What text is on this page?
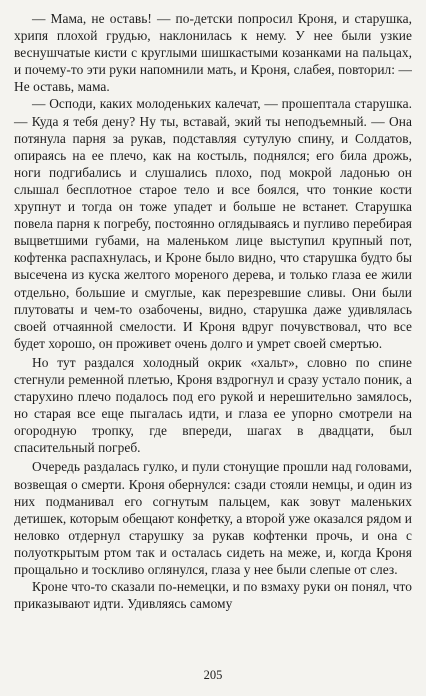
— Мама, не оставь! — по-детски попросил Кроня, и старушка, хрипя плохой грудью, наклонилась к нему. У нее были узкие веснушчатые кисти с круглыми шишкастыми козанками на пальцах, и почему-то эти руки напомнили мать, и Кроня, слабея, повторил: — Не оставь, мама.

— Осподи, каких молоденьких калечат, — прошептала старушка. — Куда я тебя дену? Ну ты, вставай, экий ты неподъемный. — Она потянула парня за рукав, подставляя сутулую спину, и Солдатов, опираясь на ее плечо, как на костыль, поднялся; его била дрожь, ноги подгибались и слушались плохо, под мокрой ладонью он слышал бесплотное старое тело и все боялся, что тонкие кости хрупнут и тогда он тоже упадет и больше не встанет. Старушка повела парня к погребу, постоянно оглядываясь и пугливо перебирая выцветшими губами, на маленьком лице выступил крупный пот, кофтенка распахнулась, и Кроне было видно, что старушка будто бы высечена из куска желтого мореного дерева, и только глаза ее жили отдельно, большие и смуглые, как перезревшие сливы. Они были плутоваты и чем-то озабочены, видно, старушка даже удивлялась своей отчаянной смелости. И Кроня вдруг почувствовал, что все будет хорошо, он проживет очень долго и умрет своей смертью.

Но тут раздался холодный окрик «хальт», словно по спине стегнули ременной плетью, Кроня вздрогнул и сразу устало поник, а старухино плечо подалось под его рукой и нерешительно замялось, но старая все еще пыгалась идти, и глаза ее упорно смотрели на огородную тропку, где впереди, шагах в двадцати, был спасительный погреб.

Очередь раздалась гулко, и пули стонущие прошли над головами, возвещая о смерти. Кроня обернулся: сзади стояли немцы, и один из них подманивал его согнутым пальцем, как зовут маленьких детишек, которым обещают конфетку, а второй уже оказался рядом и неловко отдернул старушку за рукав кофтенки прочь, и она с полуоткрытым ртом так и осталась сидеть на меже, и, когда Кроня прощально и тоскливо оглянулся, глаза у нее были слепые от слез.

Кроне что-то сказали по-немецки, и по взмаху руки он понял, что приказывают идти. Удивляясь самому

205
